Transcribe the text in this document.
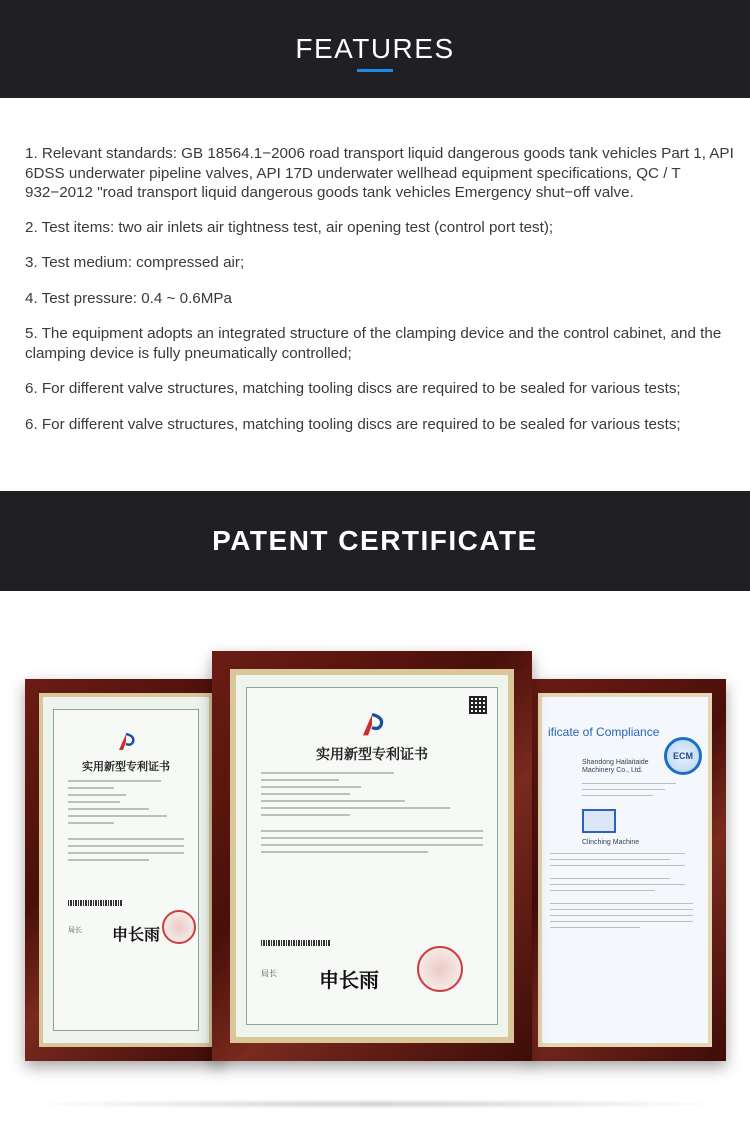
FEATURES

1. Relevant standards: GB 18564.1−2006 road transport liquid dangerous goods tank vehicles Part 1, API 6DSS underwater pipeline valves, API 17D underwater wellhead equipment specifications, QC / T 932−2012 "road transport liquid dangerous goods tank vehicles Emergency shut−off valve.

2. Test items: two air inlets air tightness test, air opening test (control port test);

3. Test medium: compressed air;

4. Test pressure: 0.4 ~ 0.6MPa

5. The equipment adopts an integrated structure of the clamping device and the control cabinet, and the clamping device is fully pneumatically controlled;

6. For different valve structures, matching tooling discs are required to be sealed for various tests;

6. For different valve structures, matching tooling discs are required to be sealed for various tests;

PATENT CERTIFICATE
实用新型专利证书
局长 申长雨
ificate of Compliance
ECM
Shandong Hailaitaide Machinery Co., Ltd.
Clinching Machine
实用新型专利证书
局长 申长雨
